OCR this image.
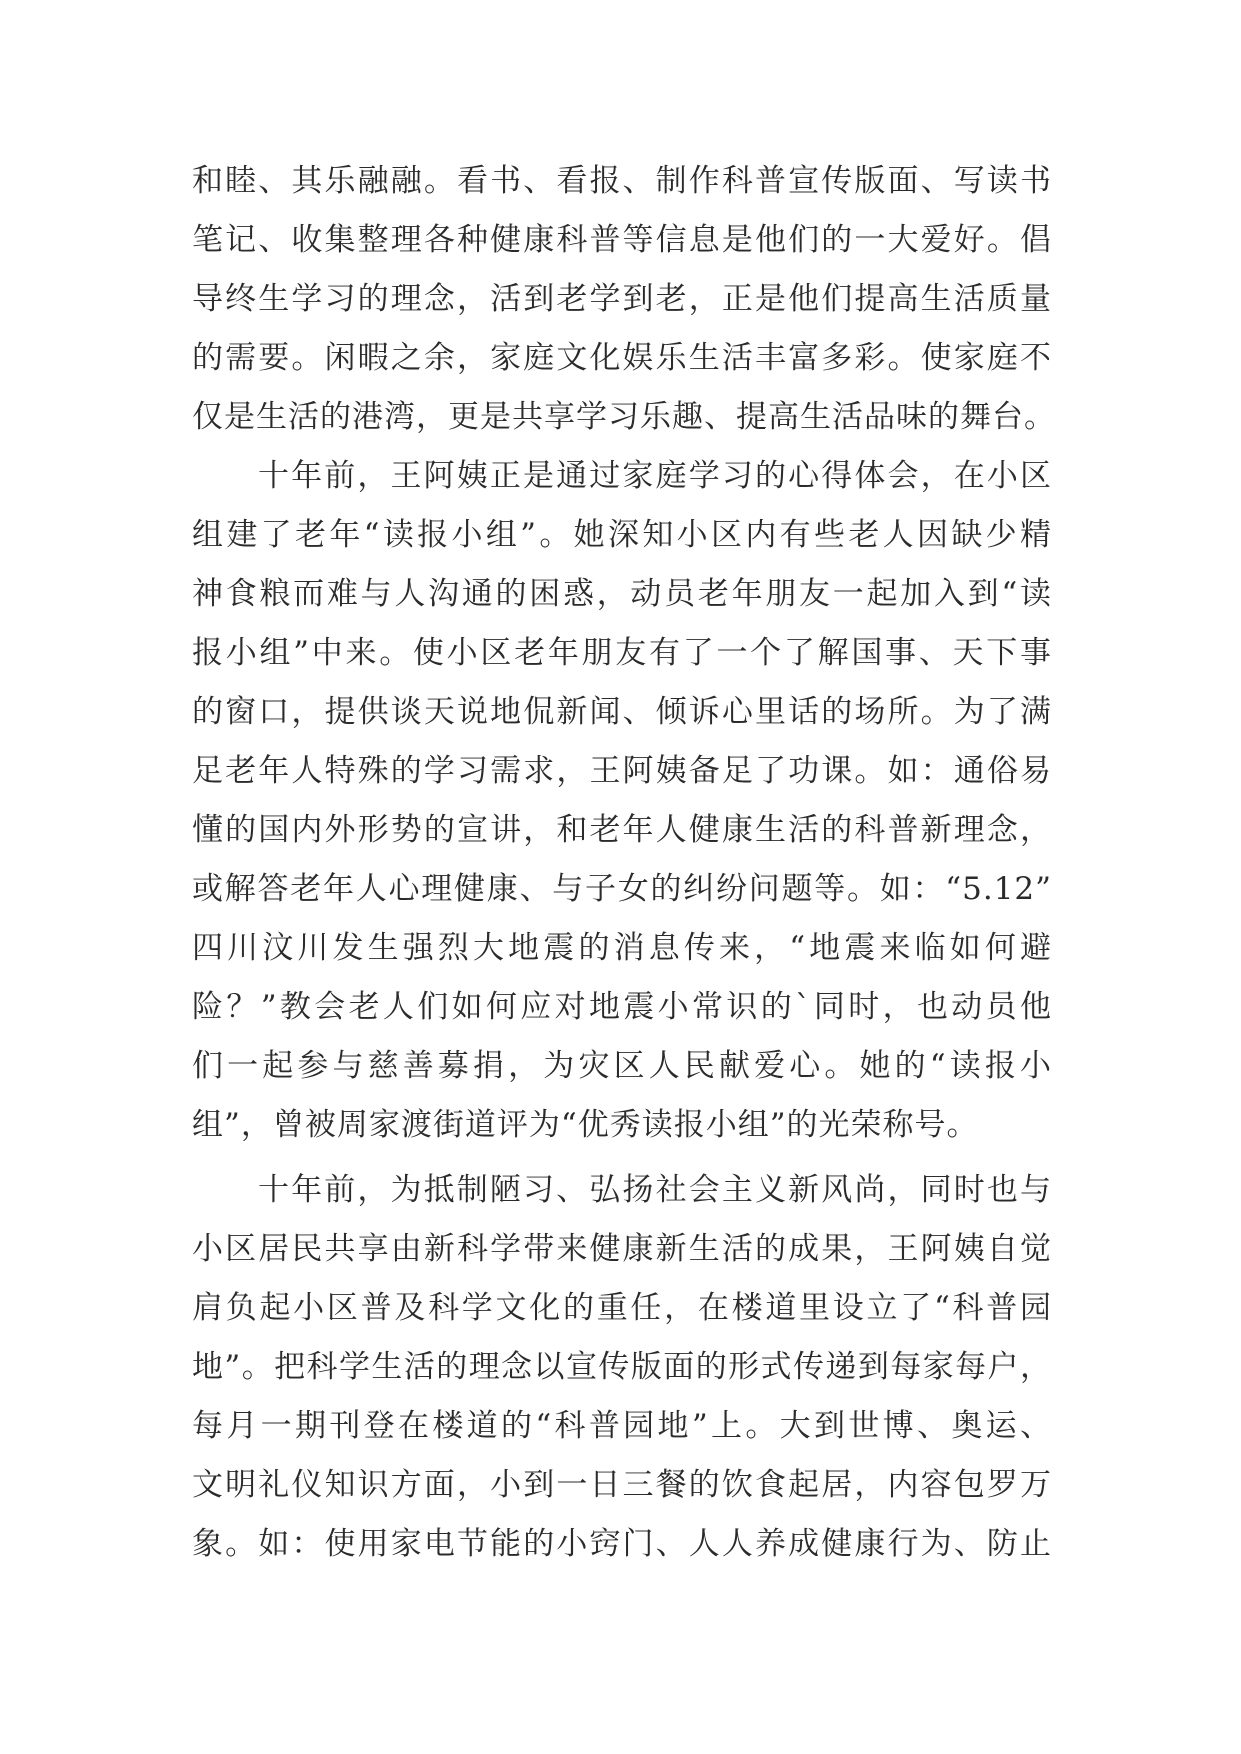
和睦、其乐融融。看书、看报、制作科普宣传版面、写读书
笔记、收集整理各种健康科普等信息是他们的一大爱好。倡
导终生学习的理念，活到老学到老，正是他们提高生活质量
的需要。闲暇之余，家庭文化娱乐生活丰富多彩。使家庭不
仅是生活的港湾，更是共享学习乐趣、提高生活品味的舞台。
十年前，王阿姨正是通过家庭学习的心得体会，在小区
组建了老年“读报小组”。她深知小区内有些老人因缺少精
神食粮而难与人沟通的困惑，动员老年朋友一起加入到“读
报小组”中来。使小区老年朋友有了一个了解国事、天下事
的窗口，提供谈天说地侃新闻、倾诉心里话的场所。为了满
足老年人特殊的学习需求，王阿姨备足了功课。如：通俗易
懂的国内外形势的宣讲，和老年人健康生活的科普新理念，
或解答老年人心理健康、与子女的纠纷问题等。如：“5.12”
四川汶川发生强烈大地震的消息传来，“地震来临如何避
险？”教会老人们如何应对地震小常识的`同时，也动员他
们一起参与慈善募捐，为灾区人民献爱心。她的“读报小
组”，曾被周家渡街道评为“优秀读报小组”的光荣称号。
十年前，为抵制陋习、弘扬社会主义新风尚，同时也与
小区居民共享由新科学带来健康新生活的成果，王阿姨自觉
肩负起小区普及科学文化的重任，在楼道里设立了“科普园
地”。把科学生活的理念以宣传版面的形式传递到每家每户，
每月一期刊登在楼道的“科普园地”上。大到世博、奥运、
文明礼仪知识方面，小到一日三餐的饮食起居，内容包罗万
象。如：使用家电节能的小窍门、人人养成健康行为、防止
